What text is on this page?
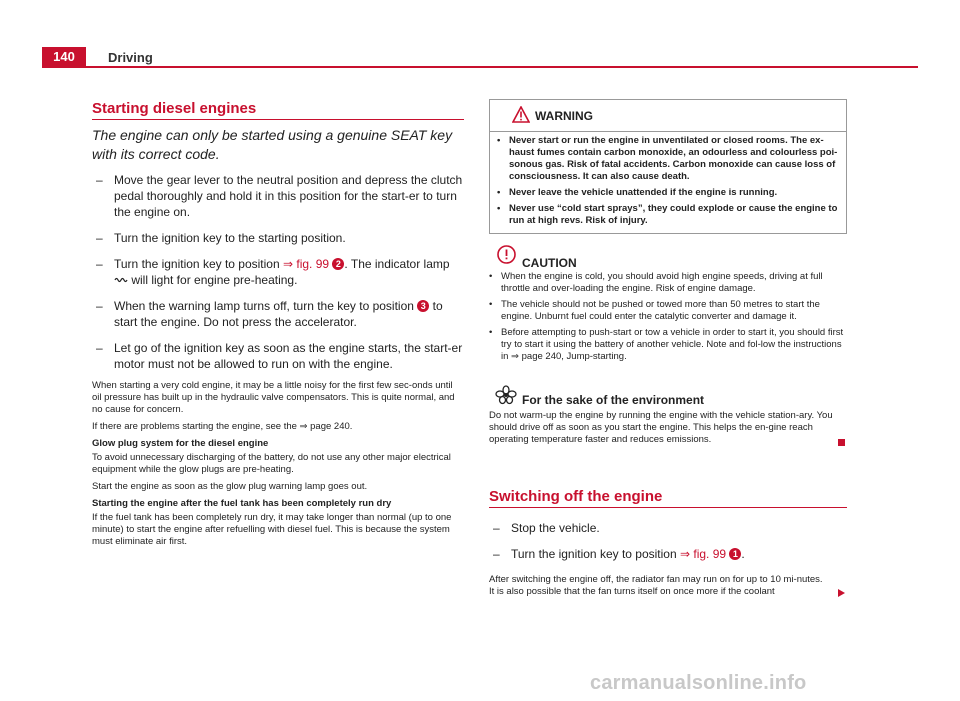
140	Driving
Starting diesel engines
The engine can only be started using a genuine SEAT key with its correct code.
– Move the gear lever to the neutral position and depress the clutch pedal thoroughly and hold it in this position for the start-er to turn the engine on.
– Turn the ignition key to the starting position.
– Turn the ignition key to position ⇒ fig. 99 2 . The indicator lamp  will light for engine pre-heating.
– When the warning lamp turns off, turn the key to position 3 to start the engine. Do not press the accelerator.
– Let go of the ignition key as soon as the engine starts, the start-er motor must not be allowed to run on with the engine.

When starting a very cold engine, it may be a little noisy for the first few sec-onds until oil pressure has built up in the hydraulic valve compensators. This is quite normal, and no cause for concern.

If there are problems starting the engine, see the ⇒ page 240.

Glow plug system for the diesel engine

To avoid unnecessary discharging of the battery, do not use any other major electrical equipment while the glow plugs are pre-heating.

Start the engine as soon as the glow plug warning lamp goes out.

Starting the engine after the fuel tank has been completely run dry

If the fuel tank has been completely run dry, it may take longer than normal (up to one minute) to start the engine after refuelling with diesel fuel. This is because the system must eliminate air first.

WARNING
• Never start or run the engine in unventilated or closed rooms. The ex-haust fumes contain carbon monoxide, an odourless and colourless poi-sonous gas. Risk of fatal accidents. Carbon monoxide can cause loss of consciousness. It can also cause death.
• Never leave the vehicle unattended if the engine is running.
• Never use “cold start sprays”, they could explode or cause the engine to run at high revs. Risk of injury.
CAUTION
• When the engine is cold, you should avoid high engine speeds, driving at full throttle and over-loading the engine. Risk of engine damage.
• The vehicle should not be pushed or towed more than 50 metres to start the engine. Unburnt fuel could enter the catalytic converter and damage it.
• Before attempting to push-start or tow a vehicle in order to start it, you should first try to start it using the battery of another vehicle. Note and fol-low the instructions in ⇒ page 240, Jump-starting.
For the sake of the environment
Do not warm-up the engine by running the engine with the vehicle station-ary. You should drive off as soon as you start the engine. This helps the en-gine reach operating temperature faster and reduces emissions.
Switching off the engine
– Stop the vehicle.
– Turn the ignition key to position ⇒ fig. 99 1 .
After switching the engine off, the radiator fan may run on for up to 10 mi-nutes. It is also possible that the fan turns itself on once more if the coolant
carmanualsonline.info
